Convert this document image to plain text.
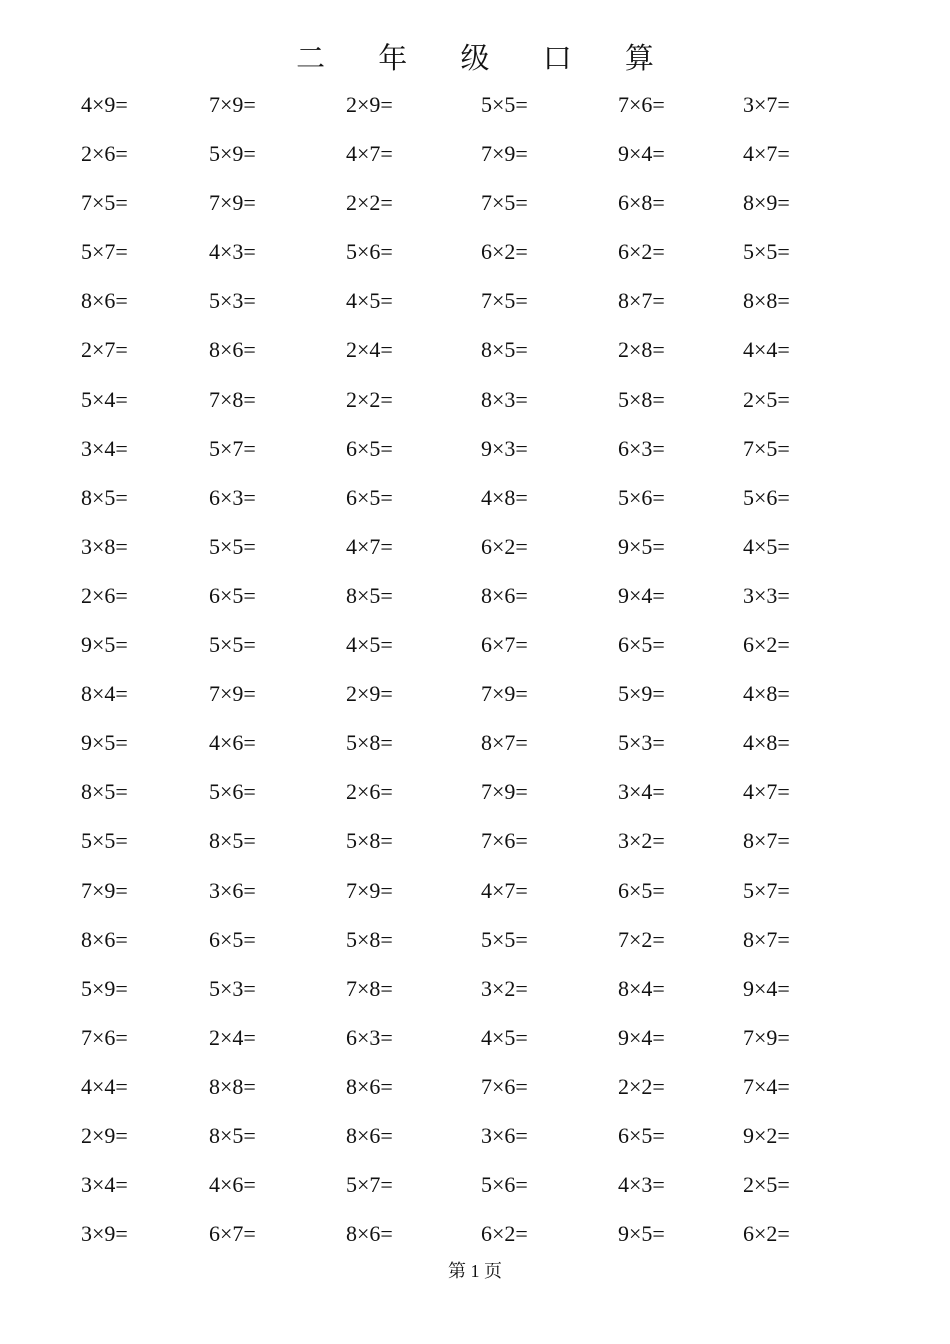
二 年 级 口 算
4×9=	7×9=	2×9=	5×5=	7×6=	3×7=
2×6=	5×9=	4×7=	7×9=	9×4=	4×7=
7×5=	7×9=	2×2=	7×5=	6×8=	8×9=
5×7=	4×3=	5×6=	6×2=	6×2=	5×5=
8×6=	5×3=	4×5=	7×5=	8×7=	8×8=
2×7=	8×6=	2×4=	8×5=	2×8=	4×4=
5×4=	7×8=	2×2=	8×3=	5×8=	2×5=
3×4=	5×7=	6×5=	9×3=	6×3=	7×5=
8×5=	6×3=	6×5=	4×8=	5×6=	5×6=
3×8=	5×5=	4×7=	6×2=	9×5=	4×5=
2×6=	6×5=	8×5=	8×6=	9×4=	3×3=
9×5=	5×5=	4×5=	6×7=	6×5=	6×2=
8×4=	7×9=	2×9=	7×9=	5×9=	4×8=
9×5=	4×6=	5×8=	8×7=	5×3=	4×8=
8×5=	5×6=	2×6=	7×9=	3×4=	4×7=
5×5=	8×5=	5×8=	7×6=	3×2=	8×7=
7×9=	3×6=	7×9=	4×7=	6×5=	5×7=
8×6=	6×5=	5×8=	5×5=	7×2=	8×7=
5×9=	5×3=	7×8=	3×2=	8×4=	9×4=
7×6=	2×4=	6×3=	4×5=	9×4=	7×9=
4×4=	8×8=	8×6=	7×6=	2×2=	7×4=
2×9=	8×5=	8×6=	3×6=	6×5=	9×2=
3×4=	4×6=	5×7=	5×6=	4×3=	2×5=
3×9=	6×7=	8×6=	6×2=	9×5=	6×2=
第 1 页
